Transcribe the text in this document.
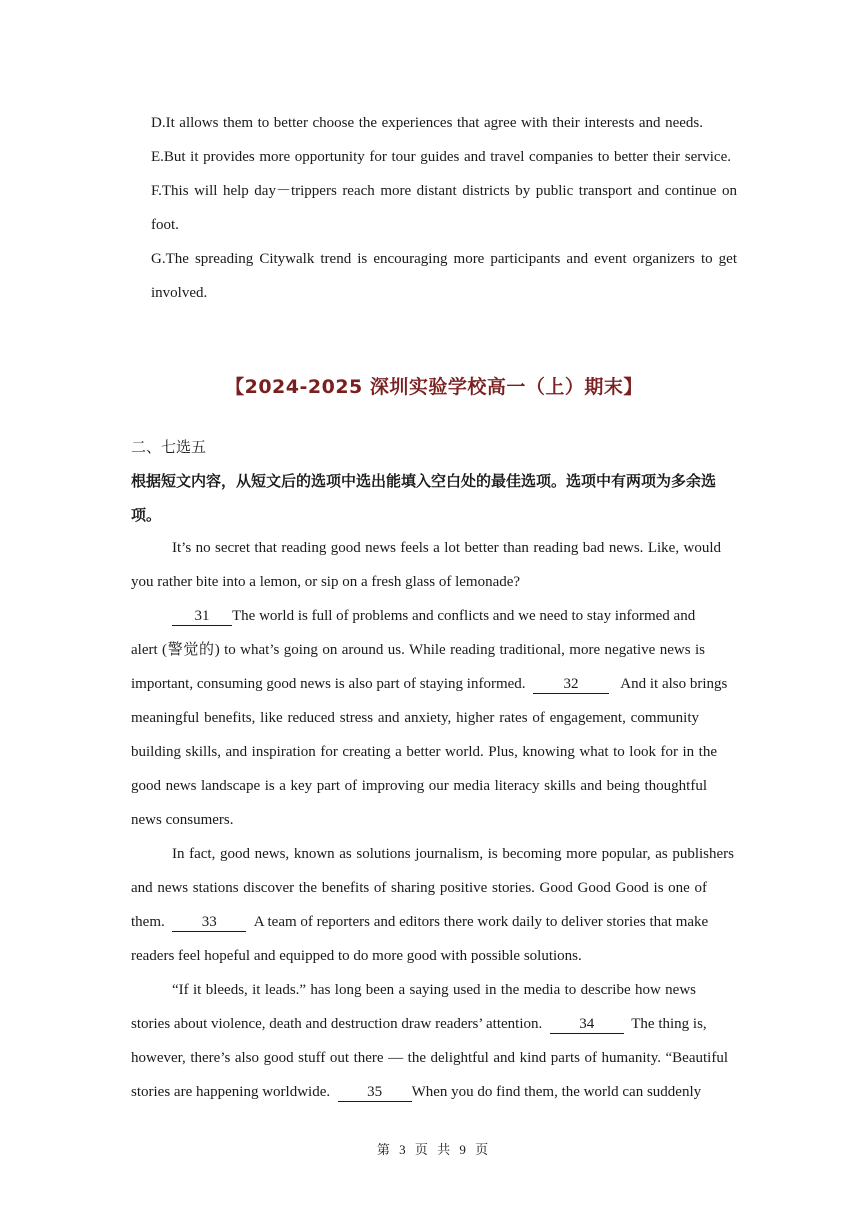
D.It allows them to better choose the experiences that agree with their interests and needs.

E.But it provides more opportunity for tour guides and travel companies to better their service.

F.This will help day－trippers reach more distant districts by public transport and continue on

foot.

G.The spreading Citywalk trend is encouraging more participants and event organizers to get

involved.

【2024-2025 深圳实验学校高一（上）期末】
二、七选五
根据短文内容，从短文后的选项中选出能填入空白处的最佳选项。选项中有两项为多余选
项。

It’s no secret that reading good news feels a lot better than reading bad news. Like, would

you rather bite into a lemon, or sip on a fresh glass of lemonade?

31 The world is full of problems and conflicts and we need to stay informed and

alert (警觉的) to what’s going on around us. While reading traditional, more negative news is

important, consuming good news is also part of staying informed.	32	And it also brings

meaningful benefits, like reduced stress and anxiety, higher rates of engagement, community

building skills, and inspiration for creating a better world. Plus, knowing what to look for in the

good news landscape is a key part of improving our media literacy skills and being thoughtful

news consumers.

In fact, good news, known as solutions journalism, is becoming more popular, as publishers

and news stations discover the benefits of sharing positive stories. Good Good Good is one of

them. 33 A team of reporters and editors there work daily to deliver stories that make

readers feel hopeful and equipped to do more good with possible solutions.

“If it bleeds, it leads.” has long been a saying used in the media to describe how news

stories about violence, death and destruction draw readers’ attention. 34 The thing is,

however, there’s also good stuff out there — the delightful and kind parts of humanity. “Beautiful

stories are happening worldwide. 35 When you do find them, the world can suddenly

第 3 页 共 9 页
